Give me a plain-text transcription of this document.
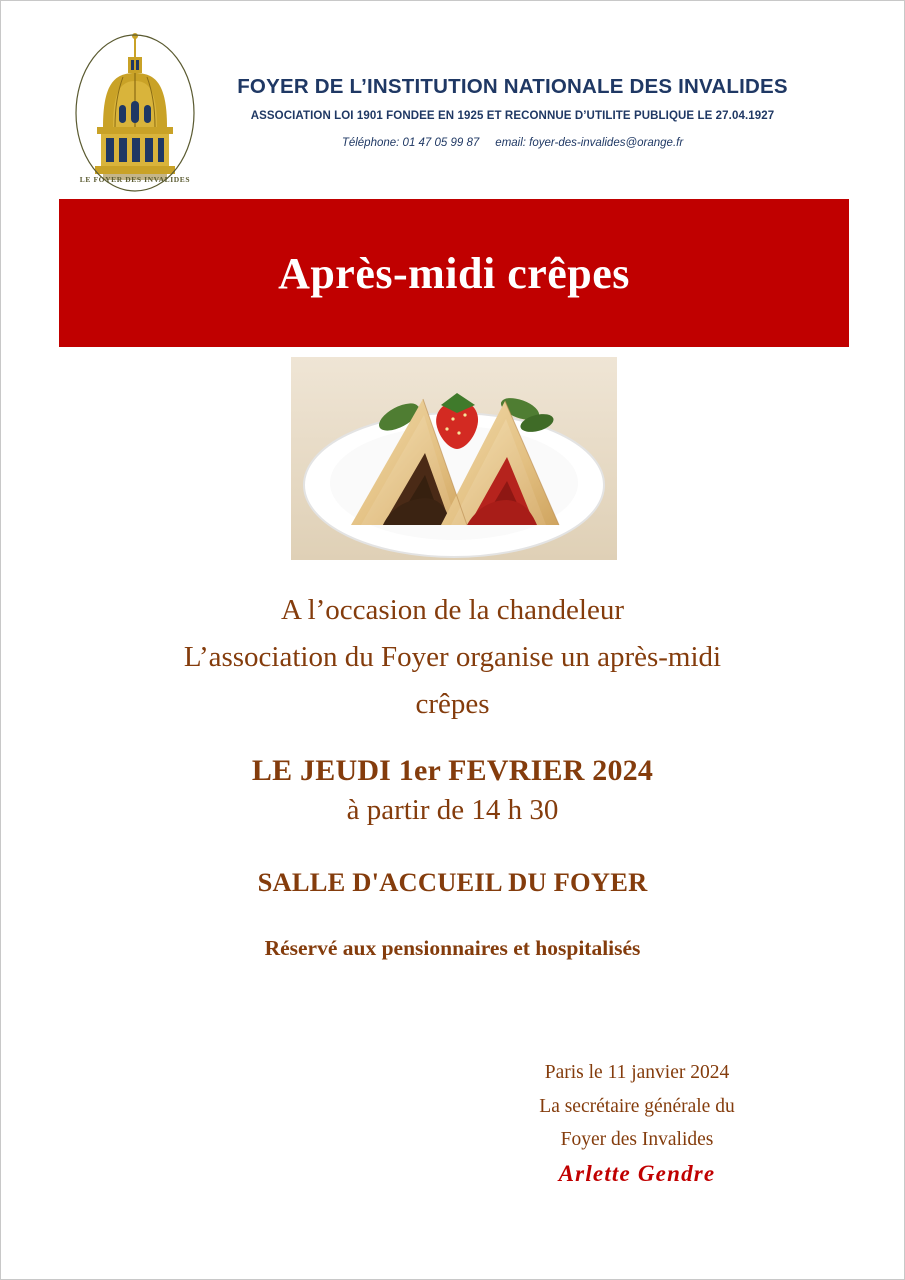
LE FOYER DES INVALIDES
FOYER DE L’INSTITUTION NATIONALE DES INVALIDES
ASSOCIATION LOI 1901 FONDEE EN 1925 ET RECONNUE D’UTILITE PUBLIQUE LE 27.04.1927
Téléphone: 01 47 05 99 87 email: foyer-des-invalides@orange.fr
Après-midi crêpes
A l’occasion de la chandeleur
L’association du Foyer organise un après-midi
crêpes
LE JEUDI 1er FEVRIER 2024
à partir de 14 h 30
SALLE D'ACCUEIL DU FOYER
Réservé aux pensionnaires et hospitalisés
Paris le 11 janvier 2024
La secrétaire générale du
Foyer des Invalides
Arlette Gendre
